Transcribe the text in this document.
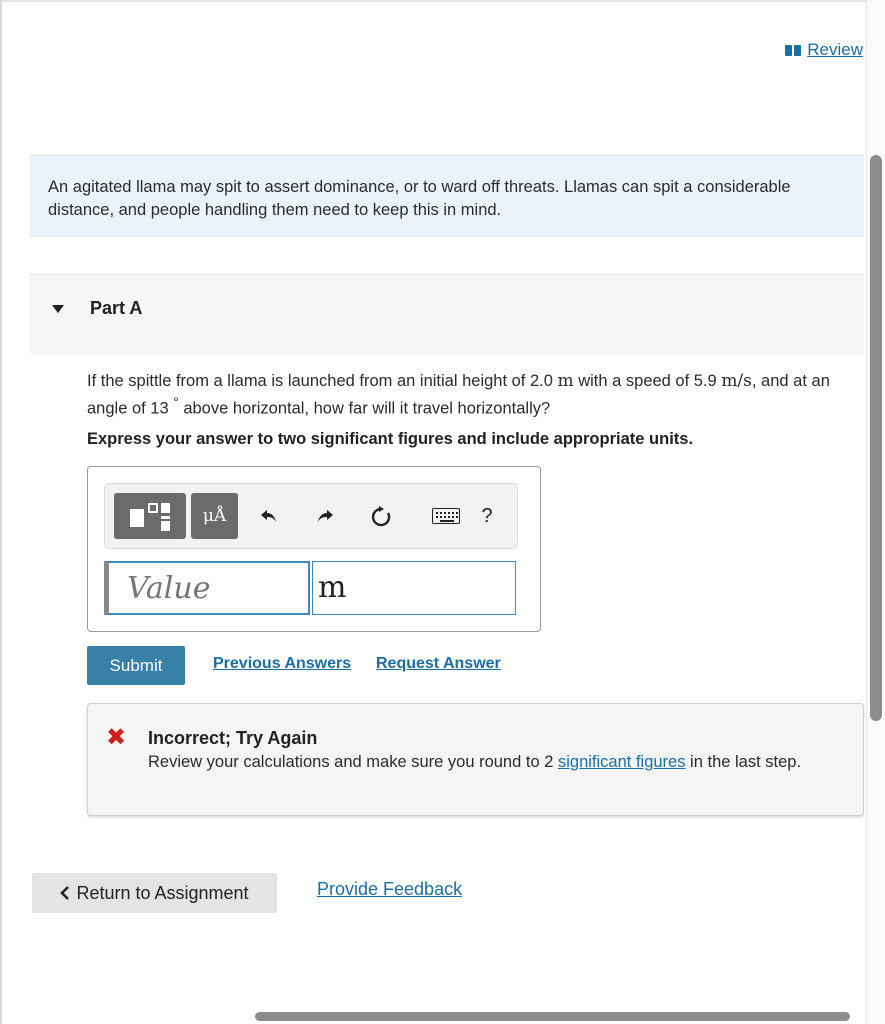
Review

An agitated llama may spit to assert dominance, or to ward off threats. Llamas can spit a considerable distance, and people handling them need to keep this in mind.

Part A

If the spittle from a llama is launched from an initial height of 2.0 m with a speed of 5.9 m/s, and at an angle of 13 ° above horizontal, how far will it travel horizontally?

Express your answer to two significant figures and include appropriate units.

μÅ	?
Value
m
Submit	Previous Answers Request Answer
✖ Incorrect; Try Again

Review your calculations and make sure you round to 2 significant figures in the last step.

Return to Assignment	Provide Feedback
